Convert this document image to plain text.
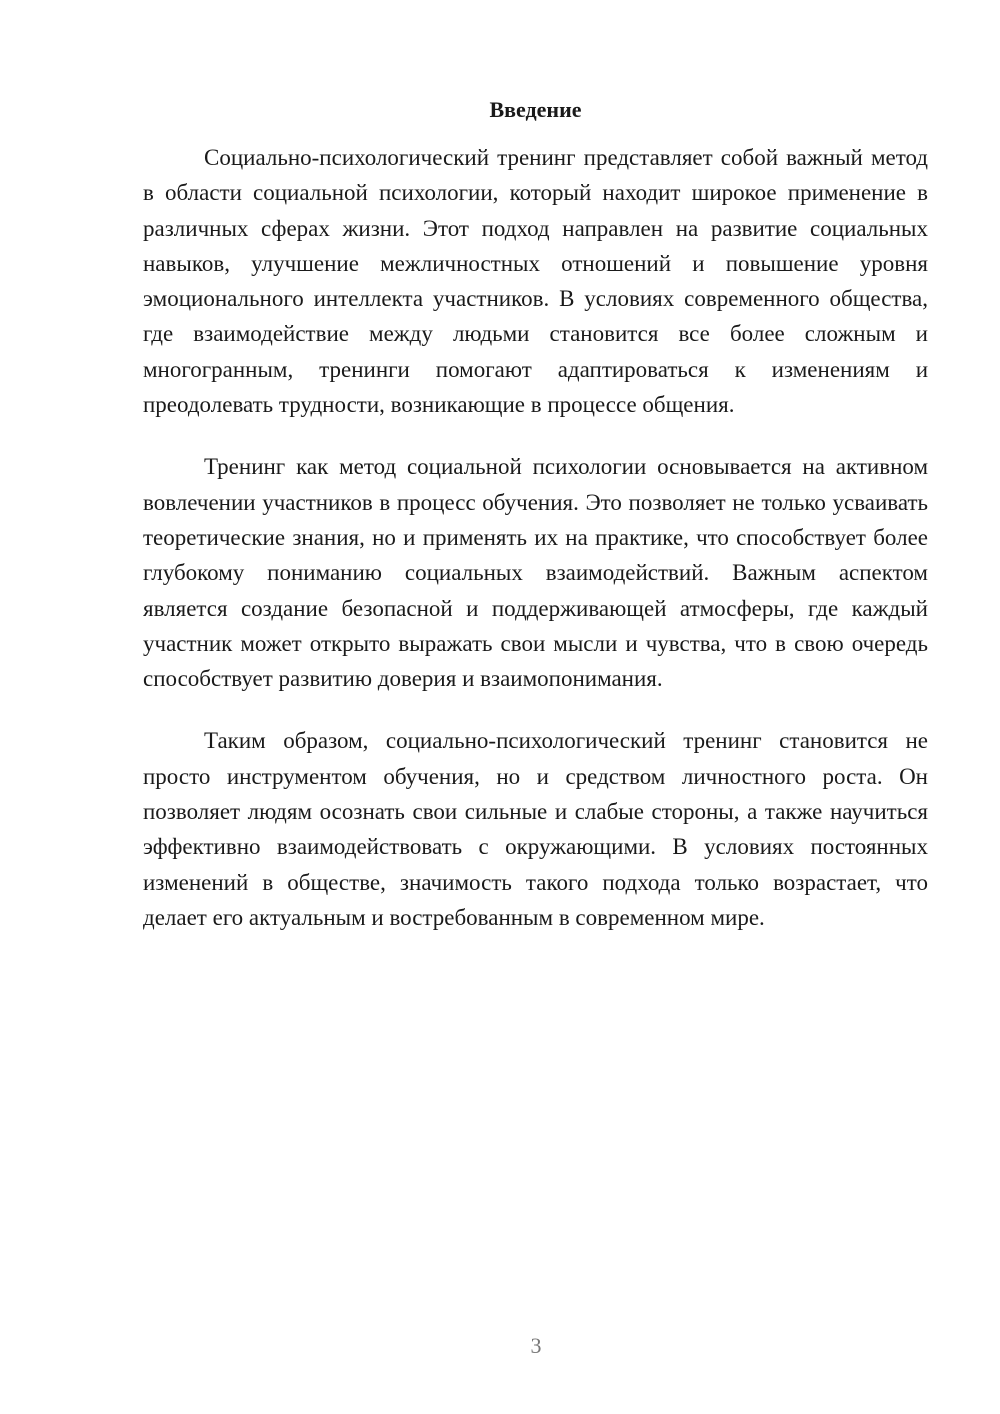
Введение

Социально-психологический тренинг представляет собой важный метод в области социальной психологии, который находит широкое применение в различных сферах жизни. Этот подход направлен на развитие социальных навыков, улучшение межличностных отношений и повышение уровня эмоционального интеллекта участников. В условиях современного общества, где взаимодействие между людьми становится все более сложным и многогранным, тренинги помогают адаптироваться к изменениям и преодолевать трудности, возникающие в процессе общения.

Тренинг как метод социальной психологии основывается на активном вовлечении участников в процесс обучения. Это позволяет не только усваивать теоретические знания, но и применять их на практике, что способствует более глубокому пониманию социальных взаимодействий. Важным аспектом является создание безопасной и поддерживающей атмосферы, где каждый участник может открыто выражать свои мысли и чувства, что в свою очередь способствует развитию доверия и взаимопонимания.

Таким образом, социально-психологический тренинг становится не просто инструментом обучения, но и средством личностного роста. Он позволяет людям осознать свои сильные и слабые стороны, а также научиться эффективно взаимодействовать с окружающими. В условиях постоянных изменений в обществе, значимость такого подхода только возрастает, что делает его актуальным и востребованным в современном мире.

3
